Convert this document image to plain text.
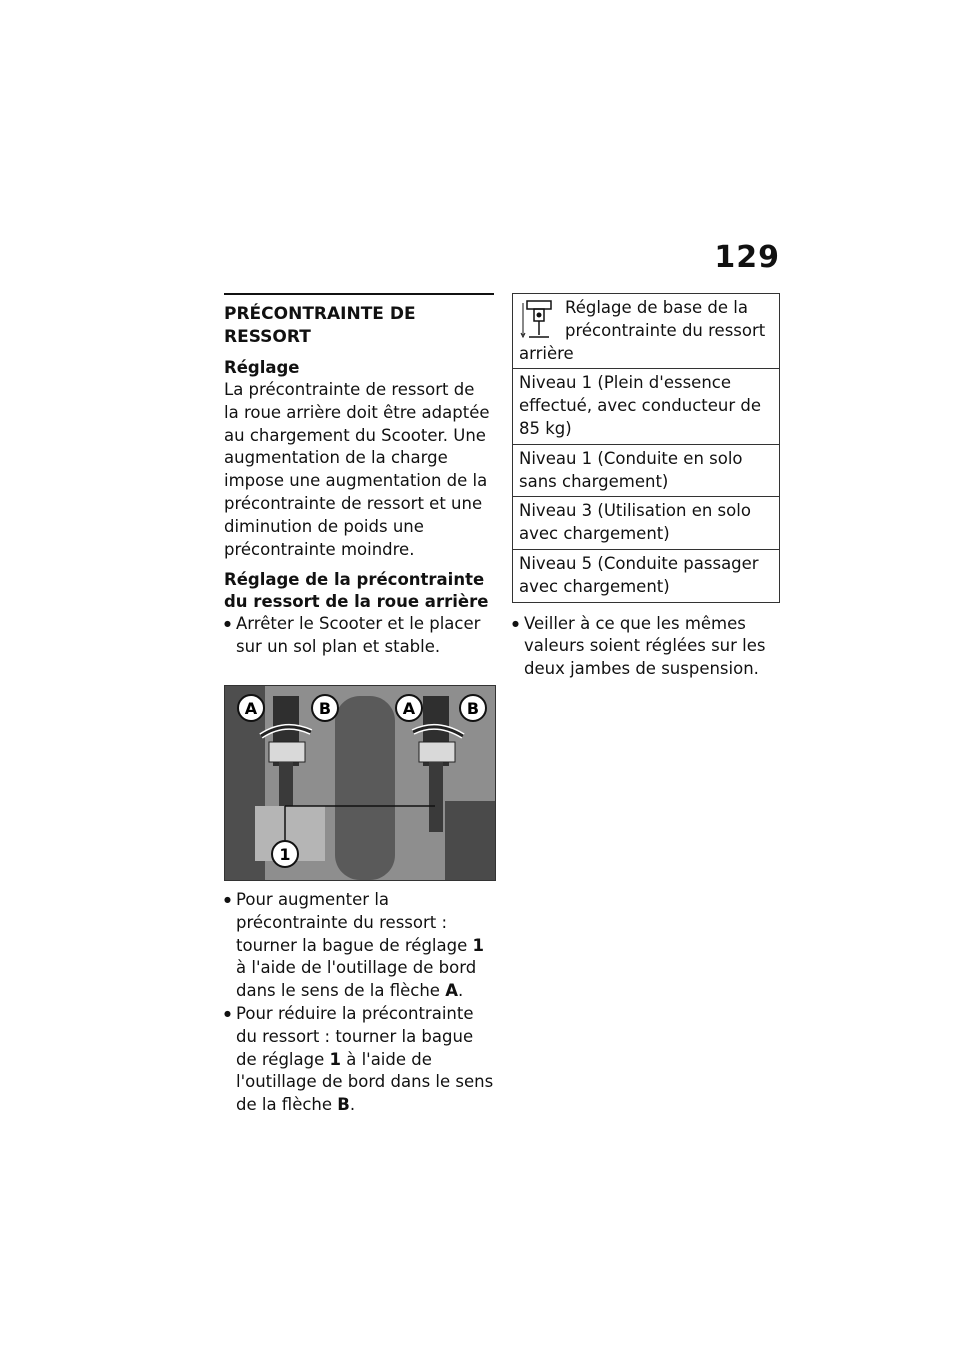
129
PRÉCONTRAINTE DE RESSORT
Réglage

La précontrainte de ressort de la roue arrière doit être adaptée au chargement du Scooter. Une augmentation de la charge impose une augmentation de la précontrainte de ressort et une diminution de poids une précontrainte moindre.

Réglage de la précontrainte du ressort de la roue arrière
● Arrêter le Scooter et le placer sur un sol plan et stable.
A	B	A	B
1
● Pour augmenter la précontrainte du ressort : tourner la bague de réglage 1 à l'aide de l'outillage de bord dans le sens de la flèche A.
● Pour réduire la précontrainte du ressort : tourner la bague de réglage 1 à l'aide de l'outillage de bord dans le sens de la flèche B.
Réglage de base de la précontrainte du ressort arrière
Niveau 1 (Plein d'essence effectué, avec conducteur de 85 kg)
Niveau 1 (Conduite en solo sans chargement)
Niveau 3 (Utilisation en solo avec chargement)
Niveau 5 (Conduite passager avec chargement)
● Veiller à ce que les mêmes valeurs soient réglées sur les deux jambes de suspension.
